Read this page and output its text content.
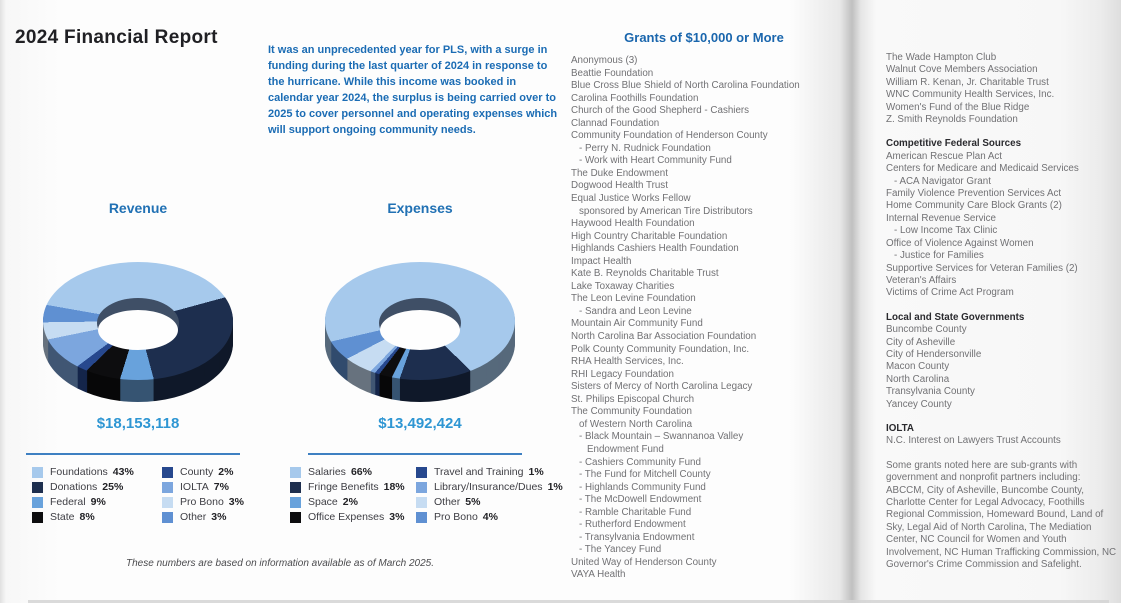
2024 Financial Report

It was an unprecedented year for PLS, with a surge in funding during the last quarter of 2024 in response to the hurricane. While this income was booked in calendar year 2024, the surplus is being carried over to 2025 to cover personnel and operating expenses which will support ongoing community needs.

Revenue
$18,153,118
Foundations 43%
Donations 25%
Federal 9%
State 8%
County 2%
IOLTA 7%
Pro Bono 3%
Other 3%
Expenses
$13,492,424
Salaries 66%
Fringe Benefits 18%
Space 2%
Office Expenses 3%
Travel and Training 1%
Library/Insurance/Dues 1%
Other 5%
Pro Bono 4%

These numbers are based on information available as of March 2025.

Grants of $10,000 or More
Anonymous (3)
Beattie Foundation
Blue Cross Blue Shield of North Carolina Foundation
Carolina Foothills Foundation
Church of the Good Shepherd - Cashiers
Clannad Foundation
Community Foundation of Henderson County
- Perry N. Rudnick Foundation
- Work with Heart Community Fund
The Duke Endowment
Dogwood Health Trust
Equal Justice Works Fellow
sponsored by American Tire Distributors
Haywood Health Foundation
High Country Charitable Foundation
Highlands Cashiers Health Foundation
Impact Health
Kate B. Reynolds Charitable Trust
Lake Toxaway Charities
The Leon Levine Foundation
- Sandra and Leon Levine
Mountain Air Community Fund
North Carolina Bar Association Foundation
Polk County Community Foundation, Inc.
RHA Health Services, Inc.
RHI Legacy Foundation
Sisters of Mercy of North Carolina Legacy
St. Philips Episcopal Church
The Community Foundation
of Western North Carolina
- Black Mountain – Swannanoa Valley
Endowment Fund
- Cashiers Community Fund
- The Fund for Mitchell County
- Highlands Community Fund
- The McDowell Endowment
- Ramble Charitable Fund
- Rutherford Endowment
- Transylvania Endowment
- The Yancey Fund
United Way of Henderson County
VAYA Health
The Wade Hampton Club
Walnut Cove Members Association
William R. Kenan, Jr. Charitable Trust
WNC Community Health Services, Inc.
Women's Fund of the Blue Ridge
Z. Smith Reynolds Foundation
Competitive Federal Sources
American Rescue Plan Act
Centers for Medicare and Medicaid Services
- ACA Navigator Grant
Family Violence Prevention Services Act
Home Community Care Block Grants (2)
Internal Revenue Service
- Low Income Tax Clinic
Office of Violence Against Women
- Justice for Families
Supportive Services for Veteran Families (2)
Veteran's Affairs
Victims of Crime Act Program
Local and State Governments
Buncombe County
City of Asheville
City of Hendersonville
Macon County
North Carolina
Transylvania County
Yancey County
IOLTA
N.C. Interest on Lawyers Trust Accounts
Some grants noted here are sub-grants with government and nonprofit partners including: ABCCM, City of Asheville, Buncombe County, Charlotte Center for Legal Advocacy, Foothills Regional Commission, Homeward Bound, Land of Sky, Legal Aid of North Carolina, The Mediation Center, NC Council for Women and Youth Involvement, NC Human Trafficking Commission, NC Governor's Crime Commission and Safelight.
